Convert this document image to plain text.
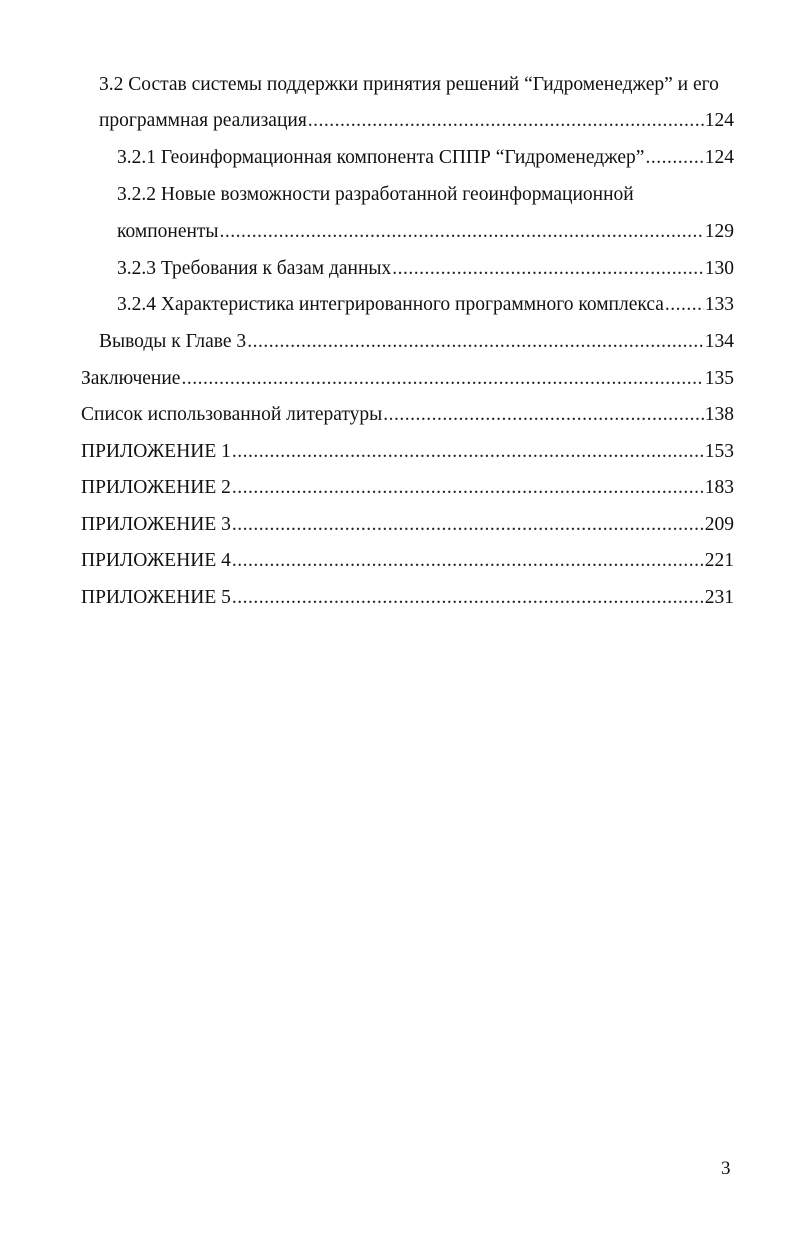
3.2 Состав системы поддержки принятия решений “Гидроменеджер” и его
программная реализация .....	124
3.2.1 Геоинформационная компонента СППР “Гидроменеджер” .....	124
3.2.2 Новые возможности разработанной геоинформационной
компоненты .....	129
3.2.3 Требования к базам данных .....	130
3.2.4 Характеристика интегрированного программного комплекса ..... 133
Выводы к Главе 3 .....	134
Заключение .....	135
Список использованной литературы .....	138
ПРИЛОЖЕНИЕ 1 .....	153
ПРИЛОЖЕНИЕ 2 .....	183
ПРИЛОЖЕНИЕ 3 .....	209
ПРИЛОЖЕНИЕ 4 .....	221
ПРИЛОЖЕНИЕ 5 .....	231
3
